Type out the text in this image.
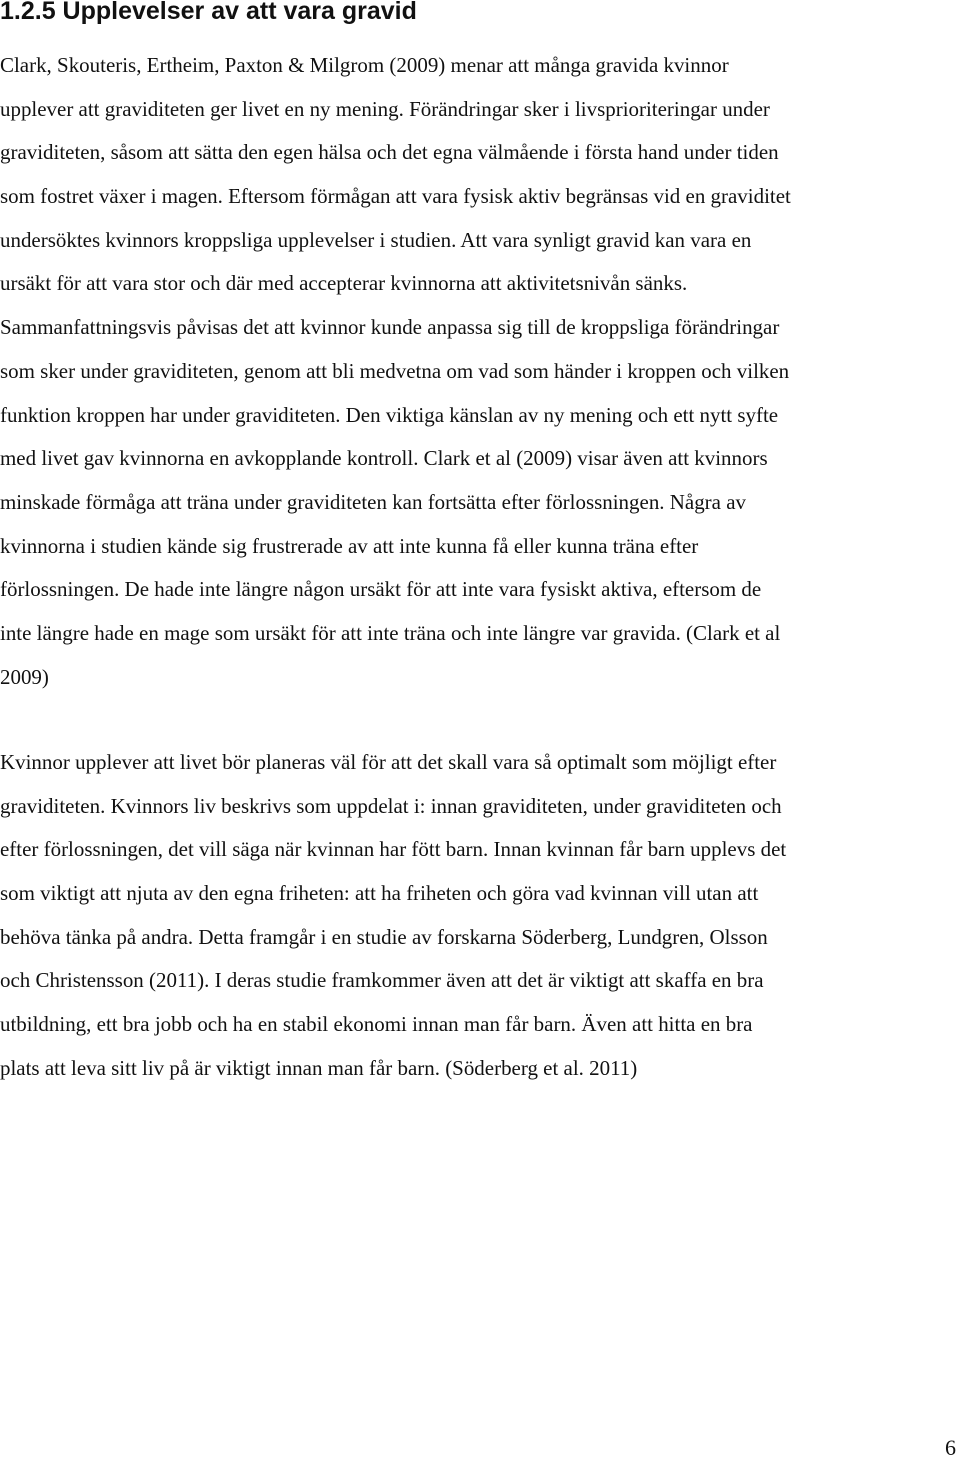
1.2.5 Upplevelser av att vara gravid
Clark, Skouteris, Ertheim, Paxton & Milgrom (2009) menar att många gravida kvinnor
upplever att graviditeten ger livet en ny mening. Förändringar sker i livsprioriteringar under
graviditeten, såsom att sätta den egen hälsa och det egna välmående i första hand under tiden
som fostret växer i magen. Eftersom förmågan att vara fysisk aktiv begränsas vid en graviditet
undersöktes kvinnors kroppsliga upplevelser i studien. Att vara synligt gravid kan vara en
ursäkt för att vara stor och där med accepterar kvinnorna att aktivitetsnivån sänks.
Sammanfattningsvis påvisas det att kvinnor kunde anpassa sig till de kroppsliga förändringar
som sker under graviditeten, genom att bli medvetna om vad som händer i kroppen och vilken
funktion kroppen har under graviditeten. Den viktiga känslan av ny mening och ett nytt syfte
med livet gav kvinnorna en avkopplande kontroll. Clark et al (2009) visar även att kvinnors
minskade förmåga att träna under graviditeten kan fortsätta efter förlossningen. Några av
kvinnorna i studien kände sig frustrerade av att inte kunna få eller kunna träna efter
förlossningen. De hade inte längre någon ursäkt för att inte vara fysiskt aktiva, eftersom de
inte längre hade en mage som ursäkt för att inte träna och inte längre var gravida. (Clark et al
2009)
Kvinnor upplever att livet bör planeras väl för att det skall vara så optimalt som möjligt efter
graviditeten. Kvinnors liv beskrivs som uppdelat i: innan graviditeten, under graviditeten och
efter förlossningen, det vill säga när kvinnan har fött barn. Innan kvinnan får barn upplevs det
som viktigt att njuta av den egna friheten: att ha friheten och göra vad kvinnan vill utan att
behöva tänka på andra. Detta framgår i en studie av forskarna Söderberg, Lundgren, Olsson
och Christensson (2011). I deras studie framkommer även att det är viktigt att skaffa en bra
utbildning, ett bra jobb och ha en stabil ekonomi innan man får barn. Även att hitta en bra
plats att leva sitt liv på är viktigt innan man får barn. (Söderberg et al. 2011)
6
